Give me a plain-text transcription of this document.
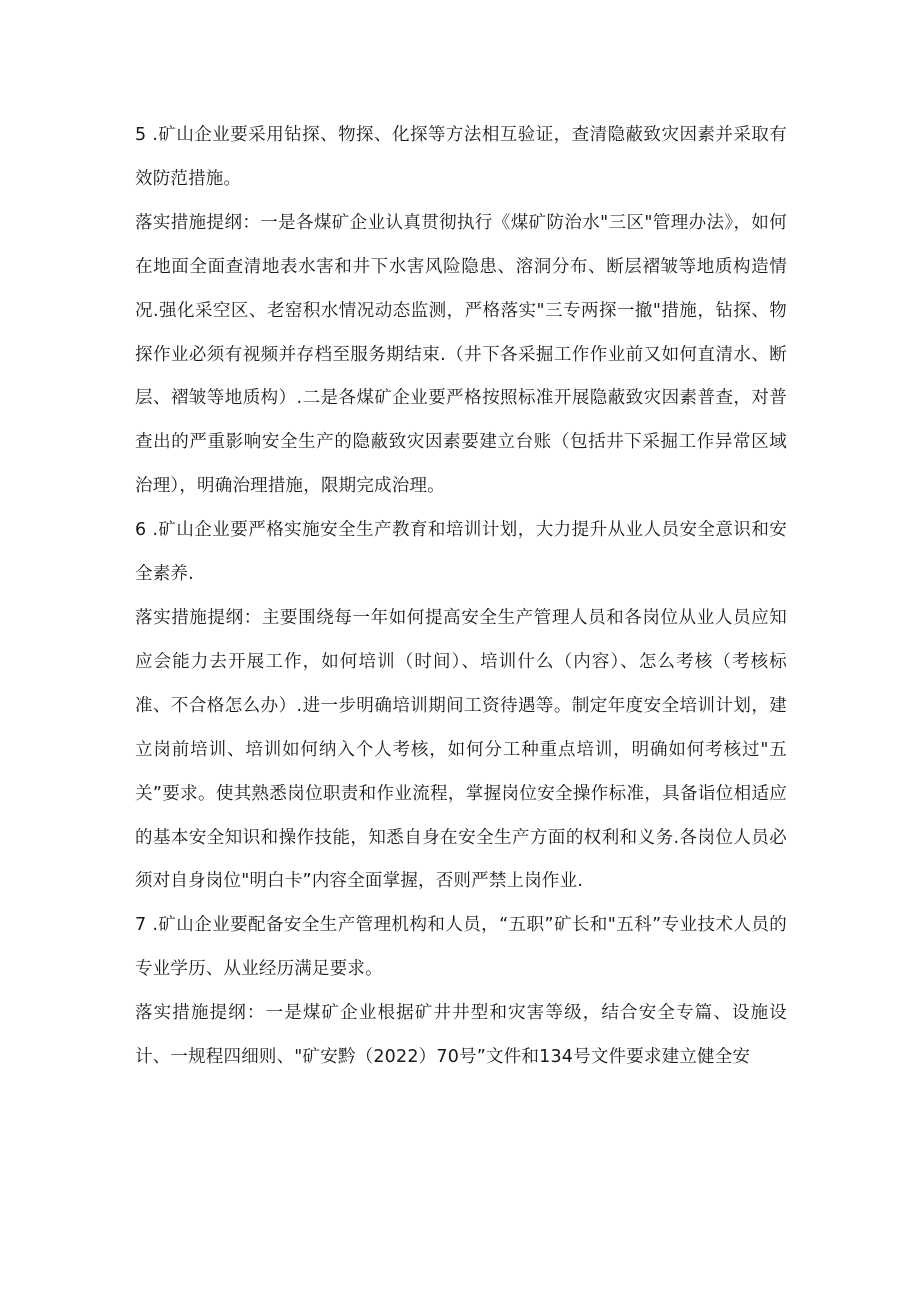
5 .矿山企业要采用钻探、物探、化探等方法相互验证，查清隐蔽致灾因素并采取有效防范措施。

落实措施提纲：一是各煤矿企业认真贯彻执行《煤矿防治水"三区"管理办法》，如何在地面全面查清地表水害和井下水害风险隐患、溶洞分布、断层褶皱等地质构造情况.强化采空区、老窑积水情况动态监测，严格落实"三专两探一撤"措施，钻探、物探作业必须有视频并存档至服务期结束.（井下各采掘工作作业前又如何直清水、断层、褶皱等地质构）.二是各煤矿企业要严格按照标准开展隐蔽致灾因素普查，对普查出的严重影响安全生产的隐蔽致灾因素要建立台账（包括井下采掘工作异常区域治理），明确治理措施，限期完成治理。

6 .矿山企业要严格实施安全生产教育和培训计划，大力提升从业人员安全意识和安全素养.

落实措施提纲：主要围绕每一年如何提高安全生产管理人员和各岗位从业人员应知应会能力去开展工作，如何培训（时间）、培训什么（内容）、怎么考核（考核标准、不合格怎么办）.进一步明确培训期间工资待遇等。制定年度安全培训计划，建立岗前培训、培训如何纳入个人考核，如何分工种重点培训，明确如何考核过"五关”要求。使其熟悉岗位职责和作业流程，掌握岗位安全操作标准，具备诣位相适应的基本安全知识和操作技能，知悉自身在安全生产方面的权利和义务.各岗位人员必须对自身岗位"明白卡”内容全面掌握，否则严禁上岗作业.

7 .矿山企业要配备安全生产管理机构和人员，“五职”矿长和"五科”专业技术人员的专业学历、从业经历满足要求。

落实措施提纲：一是煤矿企业根据矿井井型和灾害等级，结合安全专篇、设施设计、一规程四细则、"矿安黔（2022）70号”文件和134号文件要求建立健全安
